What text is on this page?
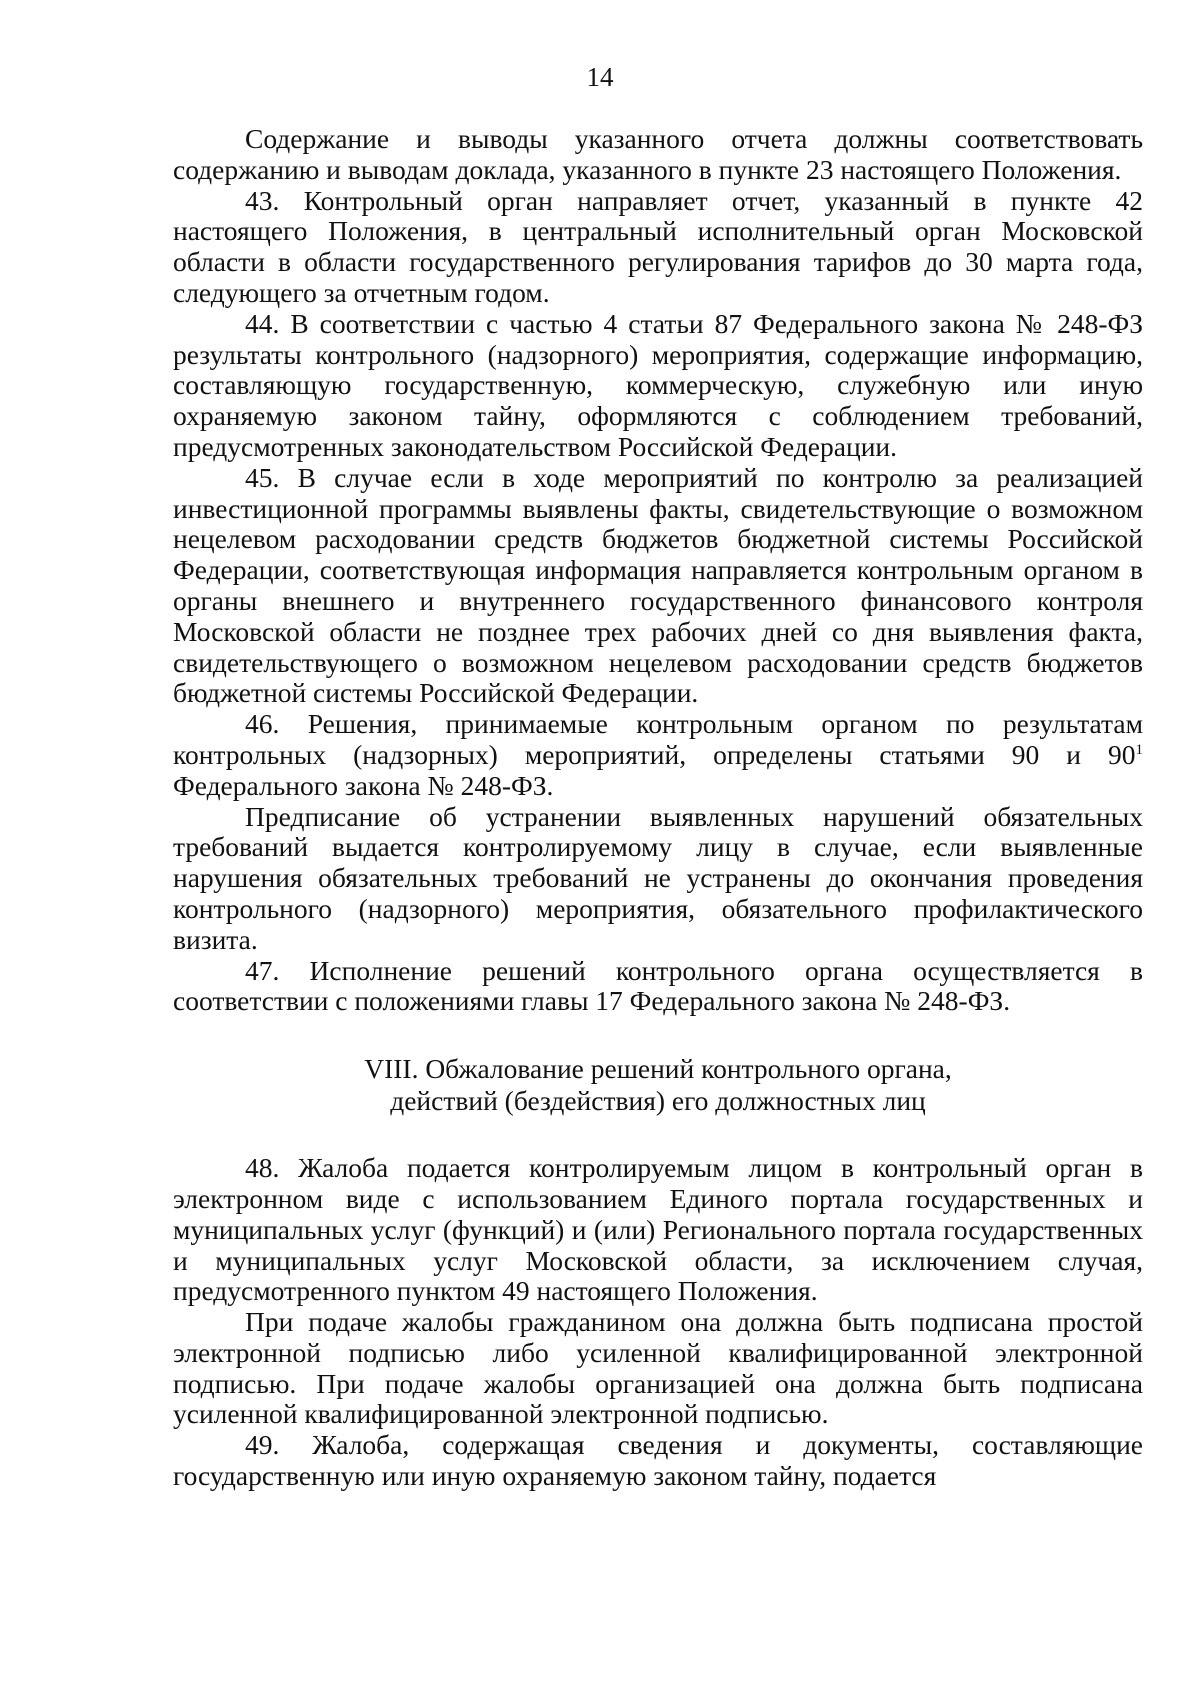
14

Содержание и выводы указанного отчета должны соответствовать содержанию и выводам доклада, указанного в пункте 23 настоящего Положения.

43. Контрольный орган направляет отчет, указанный в пункте 42 настоящего Положения, в центральный исполнительный орган Московской области в области государственного регулирования тарифов до 30 марта года, следующего за отчетным годом.

44. В соответствии с частью 4 статьи 87 Федерального закона № 248-ФЗ результаты контрольного (надзорного) мероприятия, содержащие информацию, составляющую государственную, коммерческую, служебную или иную охраняемую законом тайну, оформляются с соблюдением требований, предусмотренных законодательством Российской Федерации.

45. В случае если в ходе мероприятий по контролю за реализацией инвестиционной программы выявлены факты, свидетельствующие о возможном нецелевом расходовании средств бюджетов бюджетной системы Российской Федерации, соответствующая информация направляется контрольным органом в органы внешнего и внутреннего государственного финансового контроля Московской области не позднее трех рабочих дней со дня выявления факта, свидетельствующего о возможном нецелевом расходовании средств бюджетов бюджетной системы Российской Федерации.

46. Решения, принимаемые контрольным органом по результатам контрольных (надзорных) мероприятий, определены статьями 90 и $90^1$ Федерального закона № 248-ФЗ.

Предписание об устранении выявленных нарушений обязательных требований выдается контролируемому лицу в случае, если выявленные нарушения обязательных требований не устранены до окончания проведения контрольного (надзорного) мероприятия, обязательного профилактического визита.

47. Исполнение решений контрольного органа осуществляется в соответствии с положениями главы 17 Федерального закона № 248-ФЗ.

VIII. Обжалование решений контрольного органа,
действий (бездействия) его должностных лиц

48. Жалоба подается контролируемым лицом в контрольный орган в электронном виде с использованием Единого портала государственных и муниципальных услуг (функций) и (или) Регионального портала государственных и муниципальных услуг Московской области, за исключением случая, предусмотренного пунктом 49 настоящего Положения.

При подаче жалобы гражданином она должна быть подписана простой электронной подписью либо усиленной квалифицированной электронной подписью. При подаче жалобы организацией она должна быть подписана усиленной квалифицированной электронной подписью.

49. Жалоба, содержащая сведения и документы, составляющие государственную или иную охраняемую законом тайну, подается
